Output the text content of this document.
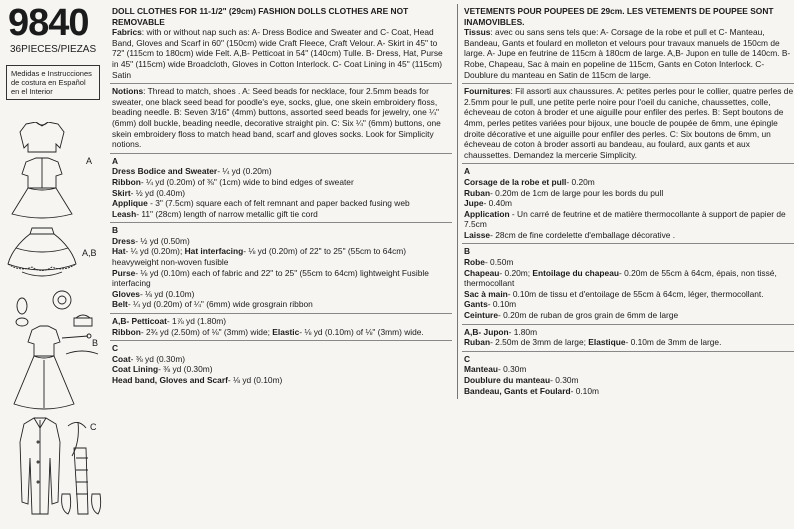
9840
36PIECES/PIEZAS
Medidas e Instrucciones de costura en Español en el Interior
A
A,B
B
C

DOLL CLOTHES FOR 11-1/2" (29cm) FASHION DOLLS CLOTHES ARE NOT REMOVABLE

Fabrics: with or without nap such as: A- Dress Bodice and Sweater and C- Coat, Head Band, Gloves and Scarf in 60" (150cm) wide Craft Fleece, Craft Velour. A- Skirt in 45" to 72" (115cm to 180cm) wide Felt. A,B- Petticoat in 54" (140cm) Tulle. B- Dress, Hat, Purse in 45" (115cm) wide Broadcloth, Gloves in Cotton Interlock. C- Coat Lining in 45" (115cm) Satin

Notions: Thread to match, shoes . A: Seed beads for necklace, four 2.5mm beads for sweater, one black seed bead for poodle's eye, socks, glue, one skein embroidery floss, beading needle. B: Seven 3/16" (4mm) buttons, assorted seed beads for jewelry, one ¼" (6mm) doll buckle, beading needle, decorative straight pin. C: Six ¼" (6mm) buttons, one skein embroidery floss to match head band, scarf and gloves socks. Look for Simplicity notions.

A

Dress Bodice and Sweater- ¼ yd (0.20m)

Ribbon- ¼ yd (0.20m) of ⅜" (1cm) wide to bind edges of sweater

Skirt- ½ yd (0.40m)

Applique - 3" (7.5cm) square each of felt remnant and paper backed fusing web

Leash- 11" (28cm) length of narrow metallic gift tie cord

B

Dress- ½ yd (0.50m)

Hat- ¼ yd (0.20m); Hat interfacing- ⅛ yd (0.20m) of 22" to 25" (55cm to 64cm) heavyweight non-woven fusible

Purse- ⅛ yd (0.10m) each of fabric and 22" to 25" (55cm to 64cm) lightweight Fusible interfacing

Gloves- ⅛ yd (0.10m)

Belt- ¼ yd (0.20m) of ¼" (6mm) wide grosgrain ribbon

A,B- Petticoat- 1⅞ yd (1.80m)

Ribbon- 2¾ yd (2.50m) of ⅛" (3mm) wide; Elastic- ⅛ yd (0.10m) of ⅛" (3mm) wide.

C

Coat- ⅜ yd (0.30m)

Coat Lining- ⅜ yd (0.30m)

Head band, Gloves and Scarf- ⅛ yd (0.10m)

VETEMENTS POUR POUPEES DE 29cm. LES VETEMENTS DE POUPEE SONT INAMOVIBLES.

Tissus: avec ou sans sens tels que: A- Corsage de la robe et pull et C- Manteau, Bandeau, Gants et foulard en molleton et velours pour travaux manuels de 150cm de large. A- Jupe en feutrine de 115cm à 180cm de large. A,B- Jupon en tulle de 140cm. B- Robe, Chapeau, Sac à main en popeline de 115cm, Gants en Coton Interlock. C- Doublure du manteau en Satin de 115cm de large.

Fournitures: Fil assorti aux chaussures. A: petites perles pour le collier, quatre perles de 2.5mm pour le pull, une petite perle noire pour l'oeil du caniche, chaussettes, colle, écheveau de coton à broder et une aiguille pour enfiler des perles. B: Sept boutons de 4mm, perles petites variées pour bijoux, une boucle de poupée de 6mm, une épingle droite décorative et une aiguille pour enfiler des perles. C: Six boutons de 6mm, un écheveau de coton à broder assorti au bandeau, au foulard, aux gants et aux chaussettes. Demandez la mercerie Simplicity.

A

Corsage de la robe et pull- 0.20m

Ruban- 0.20m de 1cm de large pour les bords du pull

Jupe- 0.40m

Application - Un carré de feutrine et de matière thermocollante à support de papier de 7.5cm

Laisse- 28cm de fine cordelette d'emballage décorative .

B

Robe- 0.50m

Chapeau- 0.20m; Entoilage du chapeau- 0.20m de 55cm à 64cm, épais, non tissé, thermocollant

Sac à main- 0.10m de tissu et d'entoilage de 55cm à 64cm, léger, thermocollant.

Gants- 0.10m

Ceinture- 0.20m de ruban de gros grain de 6mm de large

A,B- Jupon- 1.80m

Ruban- 2.50m de 3mm de large; Elastique- 0.10m de 3mm de large.

C

Manteau- 0.30m

Doublure du manteau- 0.30m

Bandeau, Gants et Foulard- 0.10m
